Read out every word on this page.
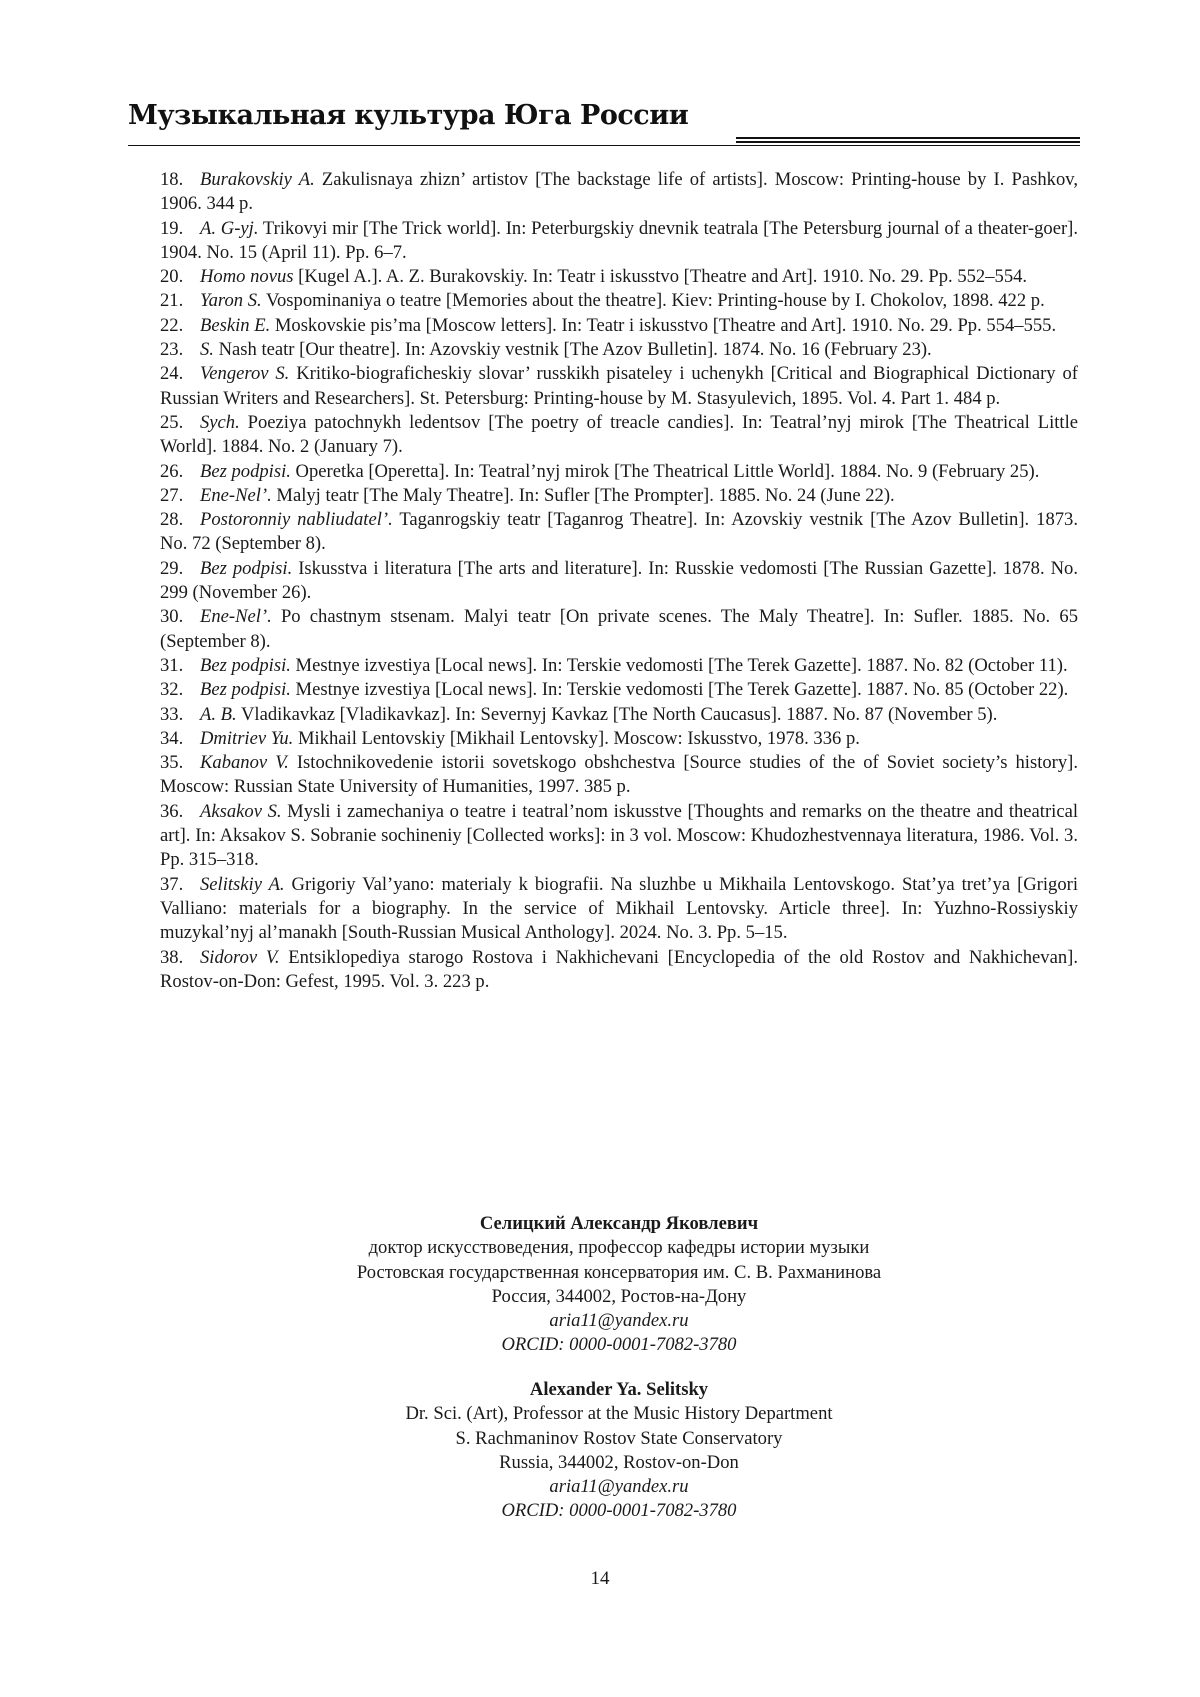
Музыкальная культура Юга России
18. Burakovskiy A. Zakulisnaya zhizn’ artistov [The backstage life of artists]. Moscow: Printing-house by I. Pashkov, 1906. 344 p.
19. A. G-yj. Trikovyi mir [The Trick world]. In: Peterburgskiy dnevnik teatrala [The Petersburg journal of a theater-goer]. 1904. No. 15 (April 11). Pp. 6–7.
20. Homo novus [Kugel A.]. A. Z. Burakovskiy. In: Teatr i iskusstvo [Theatre and Art]. 1910. No. 29. Pp. 552–554.
21. Yaron S. Vospominaniya o teatre [Memories about the theatre]. Kiev: Printing-house by I. Chokolov, 1898. 422 p.
22. Beskin E. Moskovskie pis’ma [Moscow letters]. In: Teatr i iskusstvo [Theatre and Art]. 1910. No. 29. Pp. 554–555.
23. S. Nash teatr [Our theatre]. In: Azovskiy vestnik [The Azov Bulletin]. 1874. No. 16 (February 23).
24. Vengerov S. Kritiko-biograficheskiy slovar’ russkikh pisateley i uchenykh [Critical and Biographical Dictionary of Russian Writers and Researchers]. St. Petersburg: Printing-house by M. Stasyulevich, 1895. Vol. 4. Part 1. 484 p.
25. Sych. Poeziya patochnykh ledentsov [The poetry of treacle candies]. In: Teatral’nyj mirok [The Theatrical Little World]. 1884. No. 2 (January 7).
26. Bez podpisi. Operetka [Operetta]. In: Teatral’nyj mirok [The Theatrical Little World]. 1884. No. 9 (February 25).
27. Ene-Nel’. Malyj teatr [The Maly Theatre]. In: Sufler [The Prompter]. 1885. No. 24 (June 22).
28. Postoronniy nabliudatel’. Taganrogskiy teatr [Taganrog Theatre]. In: Azovskiy vestnik [The Azov Bulletin]. 1873. No. 72 (September 8).
29. Bez podpisi. Iskusstva i literatura [The arts and literature]. In: Russkie vedomosti [The Russian Gazette]. 1878. No. 299 (November 26).
30. Ene-Nel’. Po chastnym stsenam. Malyi teatr [On private scenes. The Maly Theatre]. In: Sufler. 1885. No. 65 (September 8).
31. Bez podpisi. Mestnye izvestiya [Local news]. In: Terskie vedomosti [The Terek Gazette]. 1887. No. 82 (October 11).
32. Bez podpisi. Mestnye izvestiya [Local news]. In: Terskie vedomosti [The Terek Gazette]. 1887. No. 85 (October 22).
33. A. B. Vladikavkaz [Vladikavkaz]. In: Severnyj Kavkaz [The North Caucasus]. 1887. No. 87 (November 5).
34. Dmitriev Yu. Mikhail Lentovskiy [Mikhail Lentovsky]. Moscow: Iskusstvo, 1978. 336 p.
35. Kabanov V. Istochnikovedenie istorii sovetskogo obshchestva [Source studies of the of Soviet society’s history]. Moscow: Russian State University of Humanities, 1997. 385 p.
36. Aksakov S. Mysli i zamechaniya o teatre i teatral’nom iskusstve [Thoughts and remarks on the theatre and theatrical art]. In: Aksakov S. Sobranie sochineniy [Collected works]: in 3 vol. Moscow: Khudozhestvennaya literatura, 1986. Vol. 3. Pp. 315–318.
37. Selitskiy A. Grigoriy Val’yano: materialy k biografii. Na sluzhbe u Mikhaila Lentovskogo. Stat’ya tret’ya [Grigori Valliano: materials for a biography. In the service of Mikhail Lentovsky. Article three]. In: Yuzhno-Rossiyskiy muzykal’nyj al’manakh [South-Russian Musical Anthology]. 2024. No. 3. Pp. 5–15.
38. Sidorov V. Entsiklopediya starogo Rostova i Nakhichevani [Encyclopedia of the old Rostov and Nakhichevan]. Rostov-on-Don: Gefest, 1995. Vol. 3. 223 p.
Селицкий Александр Яковлевич
доктор искусствоведения, профессор кафедры истории музыки
Ростовская государственная консерватория им. С. В. Рахманинова
Россия, 344002, Ростов-на-Дону
aria11@yandex.ru
ORCID: 0000-0001-7082-3780
Alexander Ya. Selitsky
Dr. Sci. (Art), Professor at the Music History Department
S. Rachmaninov Rostov State Conservatory
Russia, 344002, Rostov-on-Don
aria11@yandex.ru
ORCID: 0000-0001-7082-3780
14
